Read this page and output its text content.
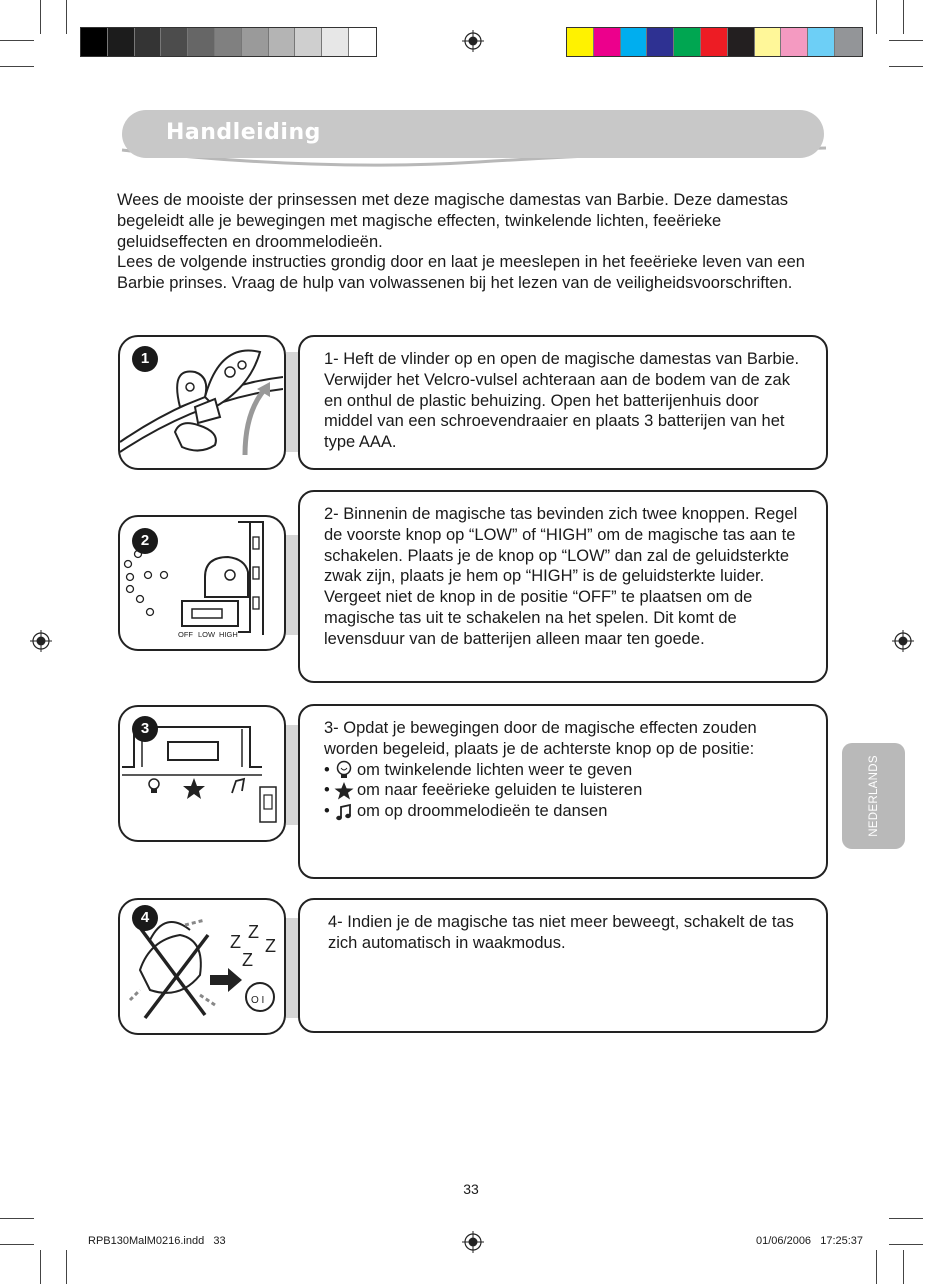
Handleiding

Wees de mooiste der prinsessen met deze magische damestas van Barbie. Deze damestas begeleidt alle je bewegingen met magische effecten, twinkelende lichten, feeërieke geluidseffecten en droommelodieën.

Lees de volgende instructies grondig door en laat je meeslepen in het feeërieke leven van een Barbie prinses. Vraag de hulp van volwassenen bij het lezen van de veiligheidsvoorschriften.

1	1- Heft de vlinder op en open de magische damestas van Barbie. Verwijder het Velcro-vulsel achteraan aan de bodem van de zak en onthul de plastic behuizing. Open het batterijenhuis door middel van een schroevendraaier en plaats 3 batterijen van het type AAA.

OFF LOW HIGH
2

2- Binnenin de magische tas bevinden zich twee knoppen. Regel de voorste knop op “LOW” of “HIGH” om de magische tas aan te schakelen. Plaats je de knop op “LOW” dan zal de geluidsterkte zwak zijn, plaats je hem op “HIGH” is de geluidsterkte luider. Vergeet niet de knop in de positie “OFF” te plaatsen om de magische tas uit te schakelen na het spelen. Dit komt de levensduur van de batterijen alleen maar ten goede.

3	3- Opdat je bewegingen door de magische effecten zouden worden begeleid, plaats je de achterste knop op de positie:

• om twinkelende lichten weer te geven
• om naar feeërieke geluiden te luisteren
• om op droommelodieën te dansen
Z Z
Z
Z
O I
4	4- Indien je de magische tas niet meer beweegt, schakelt de tas zich automatisch in waakmodus.

NEDERLANDS
33
RPB130MalM0216.indd   33	01/06/2006   17:25:37
